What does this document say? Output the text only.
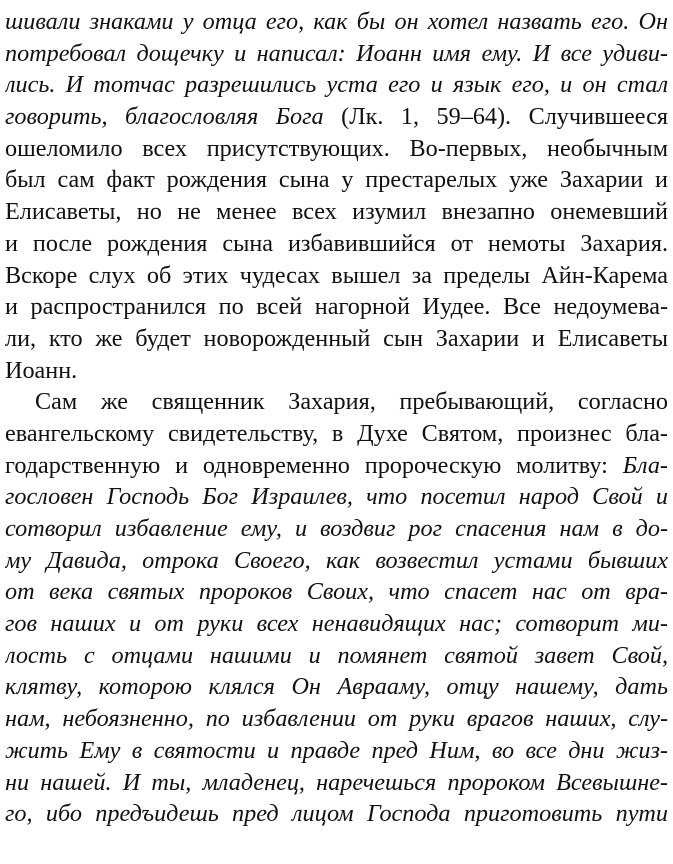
шивали знаками у отца его, как бы он хотел назвать его. Он
потребовал дощечку и написал: Иоанн имя ему. И все удиви-
лись. И тотчас разрешились уста его и язык его, и он стал
говорить, благословляя Бога (Лк. 1, 59–64). Случившееся
ошеломило всех присутствующих. Во-первых, необычным
был сам факт рождения сына у престарелых уже Захарии и
Елисаветы, но не менее всех изумил внезапно онемевший
и после рождения сына избавившийся от немоты Захария.
Вскоре слух об этих чудесах вышел за пределы Айн-Карема
и распространился по всей нагорной Иудее. Все недоумева-
ли, кто же будет новорожденный сын Захарии и Елисаветы
Иоанн.
Сам же священник Захария, пребывающий, согласно
евангельскому свидетельству, в Духе Святом, произнес бла-
годарственную и одновременно пророческую молитву: Бла-
гословен Господь Бог Израилев, что посетил народ Свой и
сотворил избавление ему, и воздвиг рог спасения нам в до-
му Давида, отрока Своего, как возвестил устами бывших
от века святых пророков Своих, что спасет нас от вра-
гов наших и от руки всех ненавидящих нас; сотворит ми-
лость с отцами нашими и помянет святой завет Свой,
клятву, которою клялся Он Аврааму, отцу нашему, дать
нам, небоязненно, по избавлении от руки врагов наших, слу-
жить Ему в святости и правде пред Ним, во все дни жиз-
ни нашей. И ты, младенец, наречешься пророком Всевышне-
го, ибо предъидешь пред лицом Господа приготовить пути
